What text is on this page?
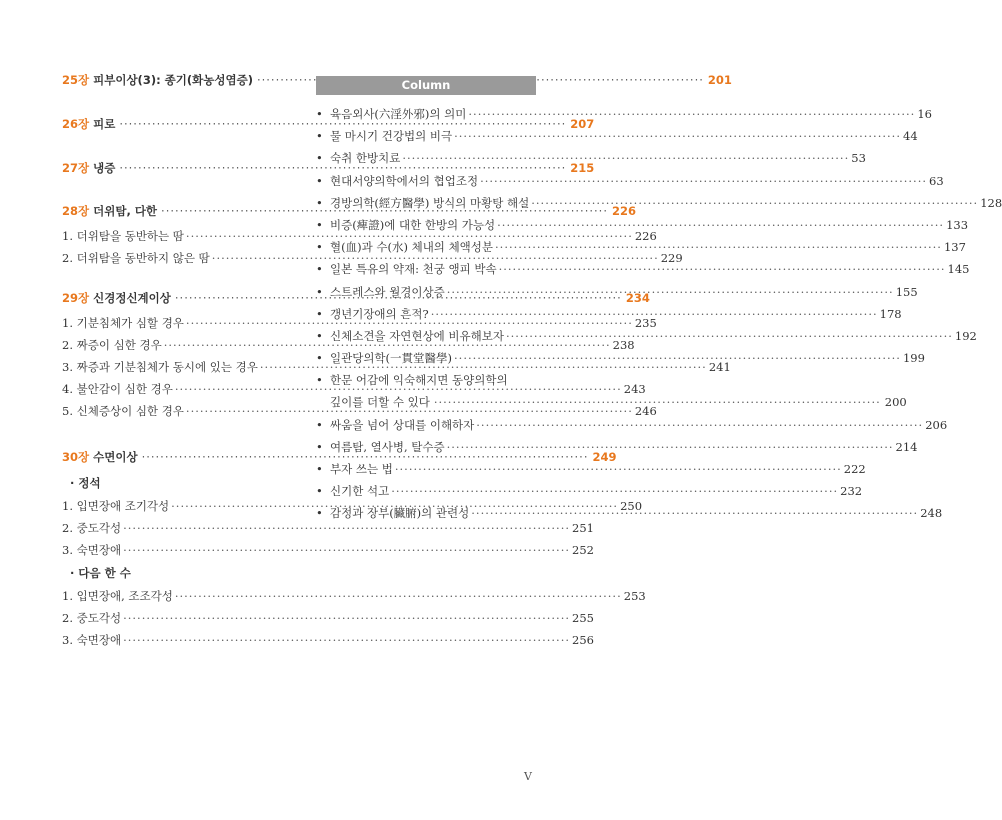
25장 피부이상(3): 종기(화농성염증) ·····	201
26장 피로 ·····	207
27장 냉증 ·····	215
28장 더위탐, 다한 ·····	226
1. 더위탐을 동반하는 땀 ·····	226
2. 더위탐을 동반하지 않은 땀 ·····	229
29장 신경정신계이상 ·····	234
1. 기분침체가 심할 경우 ·····	235
2. 짜증이 심한 경우 ·····	238
3. 짜증과 기분침체가 동시에 있는 경우 ·····	241
4. 불안감이 심한 경우 ·····	243
5. 신체증상이 심한 경우 ·····	246
30장 수면이상 ·····	249
· 정석
1. 입면장애 조기각성 ·····	250
2. 중도각성 ·····	251
3. 숙면장애 ·····	252
· 다음 한 수
1. 입면장애, 조조각성 ·····	253
2. 중도각성 ·····	255
3. 숙면장애 ·····	256
Column
• 육음외사(六淫外邪)의 의미 ·····	16
• 물 마시기 건강법의 비극 ·····	44
• 숙취 한방치료 ·····	53
• 현대서양의학에서의 협업조정 ·····	63
• 경방의학(經方醫學) 방식의 마황탕 해설 ·····	128
• 비증(痺證)에 대한 한방의 가능성 ·····	133
• 혈(血)과 수(水) 체내의 체액성분 ·····	137
• 일본 특유의 약재: 천궁 앵피 박속 ·····	145
• 스트레스와 월경이상증 ·····	155
• 갱년기장애의 흔적? ·····	178
• 신체소견을 자연현상에 비유해보자 ·····	192
• 일관당의학(一貫堂醫學) ·····	199
• 한문 어감에 익숙해지면 동양의학의
깊이를 더할 수 있다 ·····	200
• 싸움을 넘어 상대를 이해하자 ·····	206
• 여름탐, 열사병, 탈수증 ·····	214
• 부자 쓰는 법 ·····	222
• 신기한 석고 ·····	232
• 감정과 장부(臟腑)의 관련성 ·····	248
V
